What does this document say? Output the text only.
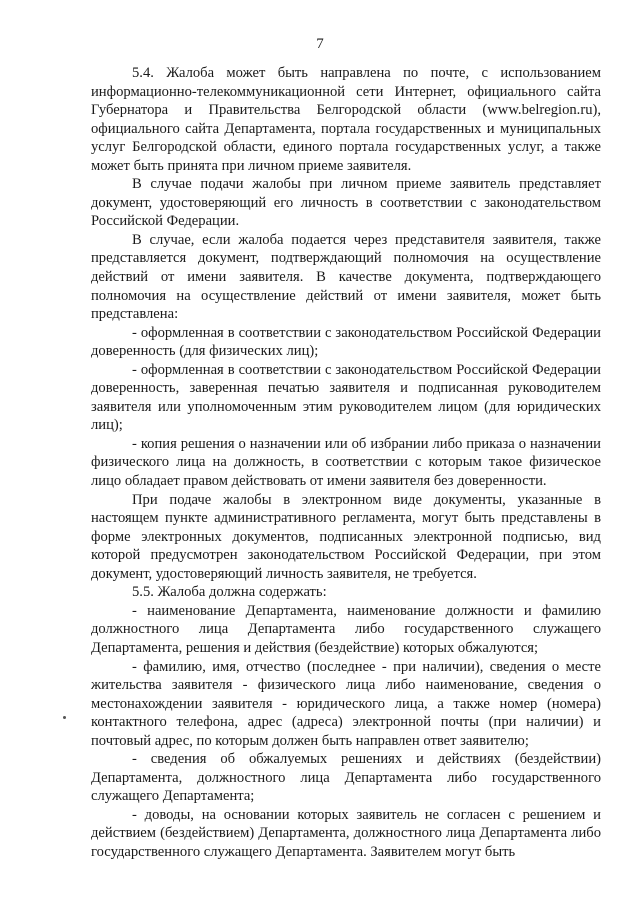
7

5.4. Жалоба может быть направлена по почте, с использованием информационно-телекоммуникационной сети Интернет, официального сайта Губернатора и Правительства Белгородской области (www.belregion.ru), официального сайта Департамента, портала государственных и муниципальных услуг Белгородской области, единого портала государственных услуг, а также может быть принята при личном приеме заявителя.

В случае подачи жалобы при личном приеме заявитель представляет документ, удостоверяющий его личность в соответствии с законодательством Российской Федерации.

В случае, если жалоба подается через представителя заявителя, также представляется документ, подтверждающий полномочия на осуществление действий от имени заявителя. В качестве документа, подтверждающего полномочия на осуществление действий от имени заявителя, может быть представлена:

- оформленная в соответствии с законодательством Российской Федерации доверенность (для физических лиц);

- оформленная в соответствии с законодательством Российской Федерации доверенность, заверенная печатью заявителя и подписанная руководителем заявителя или уполномоченным этим руководителем лицом (для юридических лиц);

- копия решения о назначении или об избрании либо приказа о назначении физического лица на должность, в соответствии с которым такое физическое лицо обладает правом действовать от имени заявителя без доверенности.

При подаче жалобы в электронном виде документы, указанные в настоящем пункте административного регламента, могут быть представлены в форме электронных документов, подписанных электронной подписью, вид которой предусмотрен законодательством Российской Федерации, при этом документ, удостоверяющий личность заявителя, не требуется.

5.5. Жалоба должна содержать:

- наименование Департамента, наименование должности и фамилию должностного лица Департамента либо государственного служащего Департамента, решения и действия (бездействие) которых обжалуются;

- фамилию, имя, отчество (последнее - при наличии), сведения о месте жительства заявителя - физического лица либо наименование, сведения о местонахождении заявителя - юридического лица, а также номер (номера) контактного телефона, адрес (адреса) электронной почты (при наличии) и почтовый адрес, по которым должен быть направлен ответ заявителю;

- сведения об обжалуемых решениях и действиях (бездействии) Департамента, должностного лица Департамента либо государственного служащего Департамента;

- доводы, на основании которых заявитель не согласен с решением и действием (бездействием) Департамента, должностного лица Департамента либо государственного служащего Департамента. Заявителем могут быть
